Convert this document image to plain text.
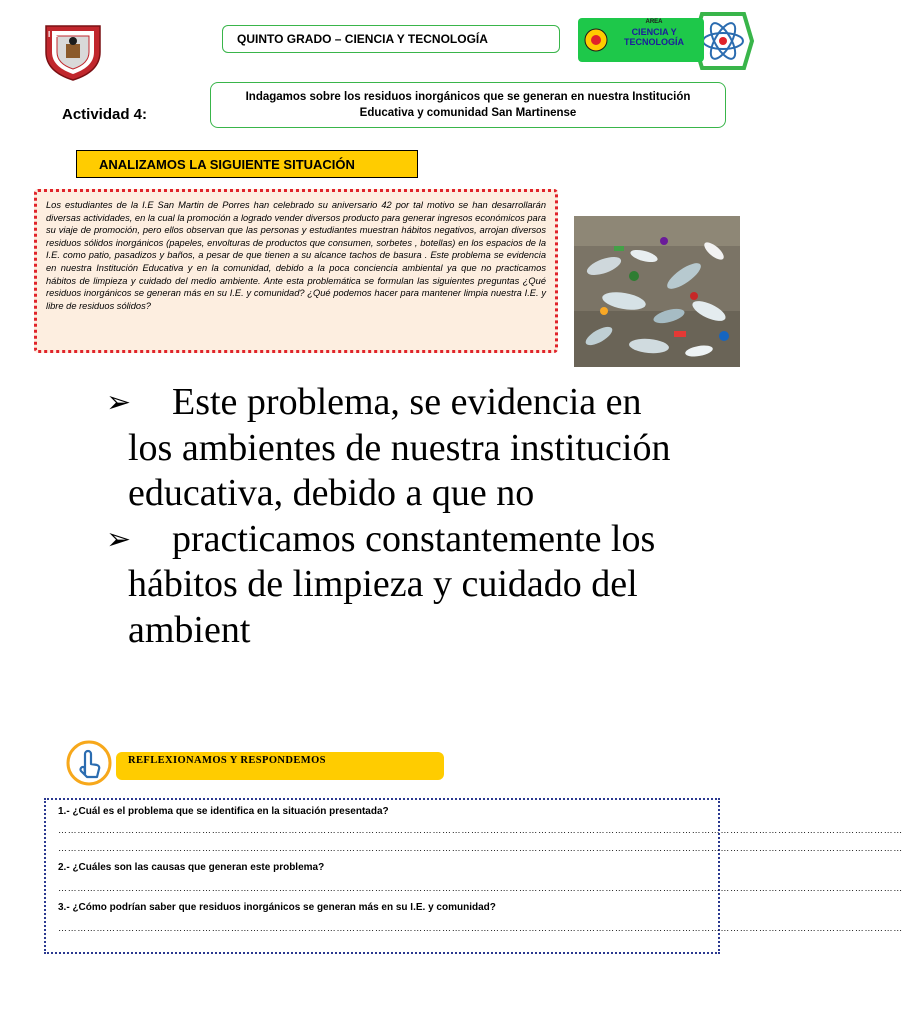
I E	QUINTO GRADO – CIENCIA Y TECNOLOGÍA
AREA
CIENCIA Y TECNOLOGÍA
Actividad 4:
Indagamos sobre los residuos inorgánicos que se generan en nuestra Institución Educativa y comunidad San Martinense
ANALIZAMOS LA SIGUIENTE SITUACIÓN
Los estudiantes de la I.E San Martin de Porres han celebrado su aniversario 42 por tal motivo se han desarrollarán diversas actividades, en la cual la promoción a logrado vender diversos producto para generar ingresos económicos para su viaje de promoción, pero ellos observan que las personas y estudiantes muestran hábitos negativos, arrojan diversos residuos sólidos inorgánicos (papeles, envolturas de productos que consumen, sorbetes , botellas) en los espacios de la I.E. como patio, pasadizos y baños, a pesar de que tienen a su alcance tachos de basura . Este problema se evidencia en nuestra Institución Educativa y en la comunidad, debido a la poca conciencia ambiental ya que no practicamos hábitos de limpieza y cuidado del medio ambiente. Ante esta problemática se formulan las siguientes preguntas ¿Qué residuos inorgánicos se generan más en su I.E. y comunidad? ¿Qué podemos hacer para mantener limpia nuestra I.E. y libre de residuos sólidos?
➢	Este problema, se evidencia en los ambientes de nuestra institución educativa, debido a que no
➢	practicamos constantemente los hábitos de limpieza y cuidado del ambient
REFLEXIONAMOS Y RESPONDEMOS

1.- ¿Cuál es el problema que se identifica en la situación presentada?

…………………………………………………………………………………………………………………………………………………………………………………………………………………………………………
…………………………………………………………………………………………………………………………………………………………………………………………………………………………………………

2.- ¿Cuáles son las causas que generan este problema?

…………………………………………………………………………………………………………………………………………………………………………………………………………………………………………

3.- ¿Cómo podrían saber que residuos inorgánicos se generan más en su I.E. y comunidad?

…………………………………………………………………………………………………………………………………………………………………………………………………………………………………………
